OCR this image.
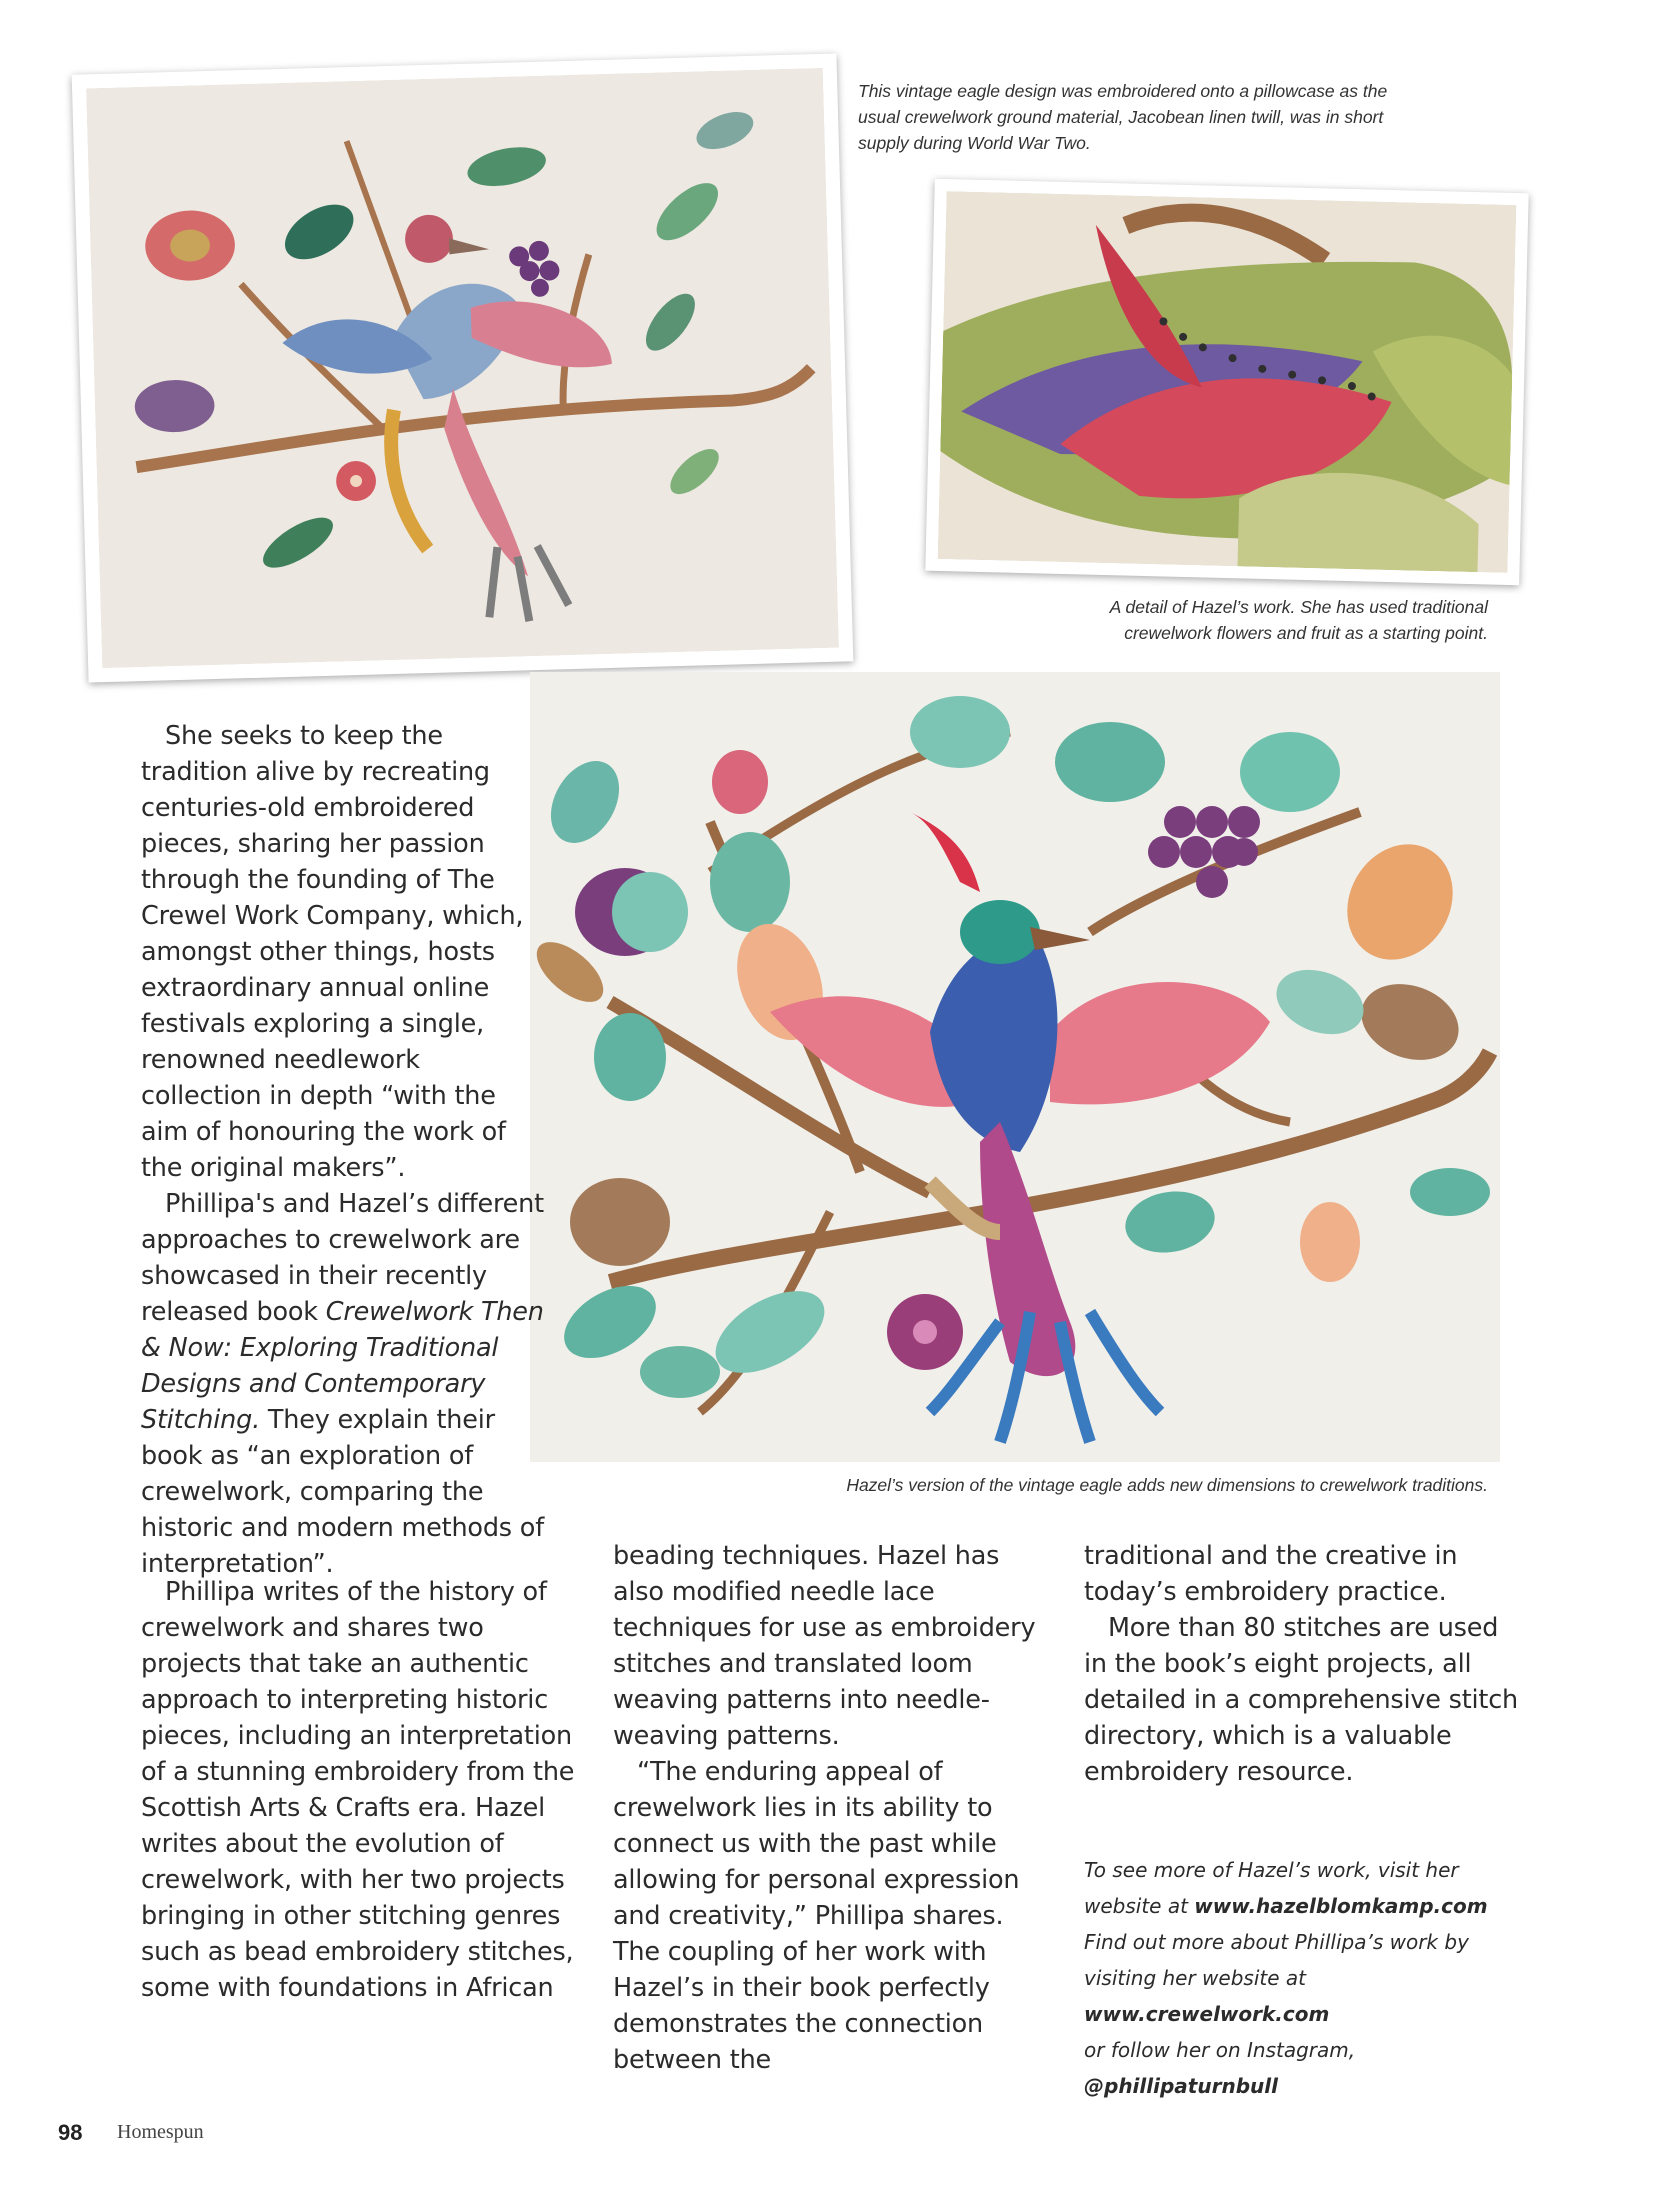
This vintage eagle design was embroidered onto a pillowcase as the usual crewelwork ground material, Jacobean linen twill, was in short supply during World War Two.
A detail of Hazel’s work. She has used traditional crewelwork flowers and fruit as a starting point.
Hazel’s version of the vintage eagle adds new dimensions to crewelwork traditions.

She seeks to keep the tradition alive by recreating centuries-old embroidered pieces, sharing her passion through the founding of The Crewel Work Company, which, amongst other things, hosts extraordinary annual online festivals exploring a single, renowned needlework collection in depth “with the aim of honouring the work of the original makers”.

Phillipa's and Hazel’s different approaches to crewelwork are showcased in their recently released book Crewelwork Then & Now: Exploring Traditional Designs and Contemporary Stitching. They explain their book as “an exploration of crewelwork, comparing the historic and modern methods of interpretation”.

Phillipa writes of the history of crewelwork and shares two projects that take an authentic approach to interpreting historic pieces, including an interpretation of a stunning embroidery from the Scottish Arts & Crafts era. Hazel writes about the evolution of crewelwork, with her two projects bringing in other stitching genres such as bead embroidery stitches, some with foundations in African

beading techniques. Hazel has also modified needle lace techniques for use as embroidery stitches and translated loom weaving patterns into needle-weaving patterns.

“The enduring appeal of crewelwork lies in its ability to connect us with the past while allowing for personal expression and creativity,” Phillipa shares. The coupling of her work with Hazel’s in their book perfectly demonstrates the connection between the

traditional and the creative in today’s embroidery practice.

More than 80 stitches are used in the book’s eight projects, all detailed in a comprehensive stitch directory, which is a valuable embroidery resource.

To see more of Hazel’s work, visit her website at www.hazelblomkamp.com
Find out more about Phillipa’s work by visiting her website at www.crewelwork.com
or follow her on Instagram, @phillipaturnbull
98 Homespun
